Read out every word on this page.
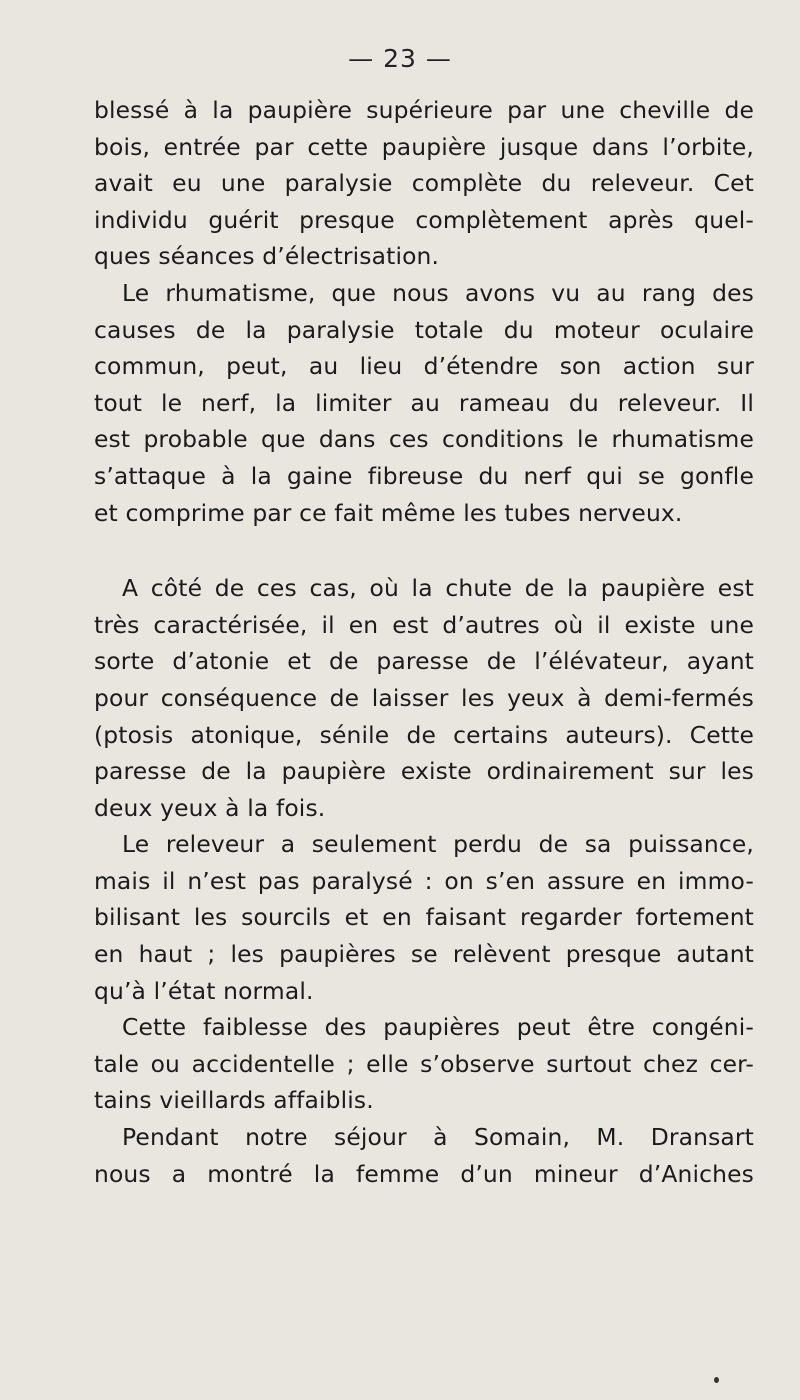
— 23 —
blessé à la paupière supérieure par une cheville de
bois, entrée par cette paupière jusque dans l’orbite,
avait eu une paralysie complète du releveur. Cet
individu guérit presque complètement après quel-
ques séances d’électrisation.
Le rhumatisme, que nous avons vu au rang des
causes de la paralysie totale du moteur oculaire
commun, peut, au lieu d’étendre son action sur
tout le nerf, la limiter au rameau du releveur. Il
est probable que dans ces conditions le rhumatisme
s’attaque à la gaine fibreuse du nerf qui se gonfle
et comprime par ce fait même les tubes nerveux.
A côté de ces cas, où la chute de la paupière est
très caractérisée, il en est d’autres où il existe une
sorte d’atonie et de paresse de l’élévateur, ayant
pour conséquence de laisser les yeux à demi-fermés
(ptosis atonique, sénile de certains auteurs). Cette
paresse de la paupière existe ordinairement sur les
deux yeux à la fois.
Le releveur a seulement perdu de sa puissance,
mais il n’est pas paralysé : on s’en assure en immo-
bilisant les sourcils et en faisant regarder fortement
en haut ; les paupières se relèvent presque autant
qu’à l’état normal.
Cette faiblesse des paupières peut être congéni-
tale ou accidentelle ; elle s’observe surtout chez cer-
tains vieillards affaiblis.
Pendant notre séjour à Somain, M. Dransart
nous a montré la femme d’un mineur d’Aniches
